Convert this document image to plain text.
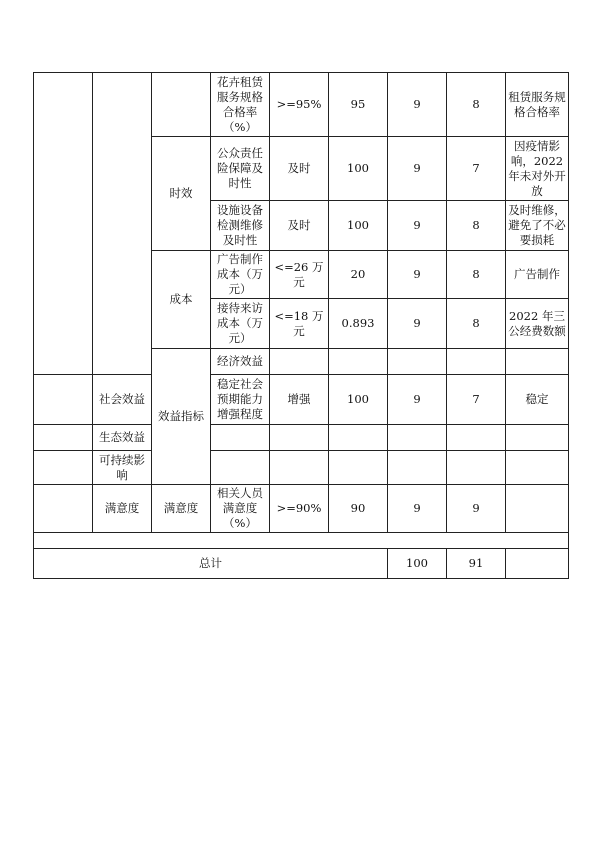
			花卉租赁服务规格合格率（%）	>=95%	95	9	8	租赁服务规格合格率	
		时效	公众责任险保障及时性	及时	100	9	7	因疫情影响，2022年未对外开放	
			设施设备检测维修及时性	及时	100	9	8	及时维修，避免了不必要损耗	
		成本	广告制作成本（万元）	<=26 万元	20	9	8	广告制作	
			接待来访成本（万元）	<=18 万元	0.893	9	8	2022 年三公经费数额	
		效益指标	经济效益						
	社会效益		稳定社会预期能力增强程度	增强	100	9	7	稳定	
	生态效益								
	可持续影响								
	满意度	满意度	相关人员满意度（%）	>=90%	90	9	9		

总计						100	91		
